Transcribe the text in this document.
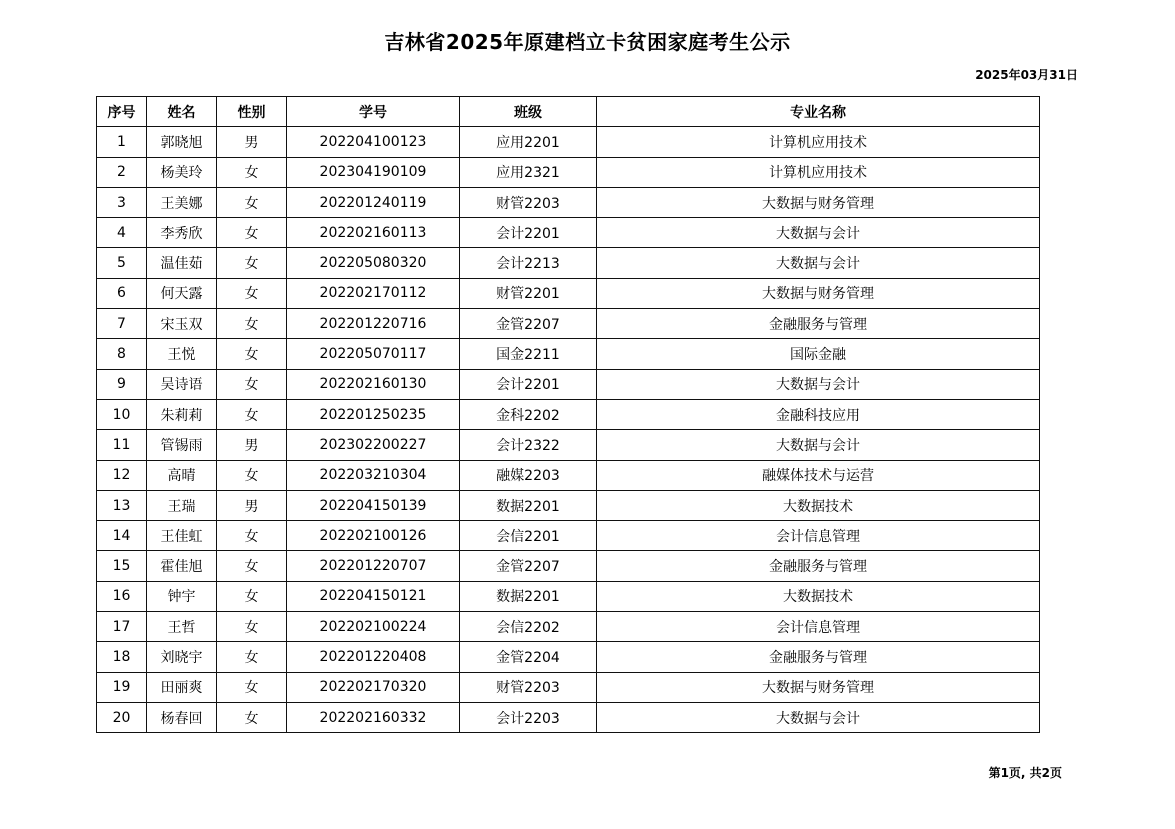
吉林省2025年原建档立卡贫困家庭考生公示
2025年03月31日
序号	姓名	性别	学号	班级	专业名称
1	郭晓旭	男	202204100123	应用2201	计算机应用技术
2	杨美玲	女	202304190109	应用2321	计算机应用技术
3	王美娜	女	202201240119	财管2203	大数据与财务管理
4	李秀欣	女	202202160113	会计2201	大数据与会计
5	温佳茹	女	202205080320	会计2213	大数据与会计
6	何天露	女	202202170112	财管2201	大数据与财务管理
7	宋玉双	女	202201220716	金管2207	金融服务与管理
8	王悦	女	202205070117	国金2211	国际金融
9	吴诗语	女	202202160130	会计2201	大数据与会计
10	朱莉莉	女	202201250235	金科2202	金融科技应用
11	管锡雨	男	202302200227	会计2322	大数据与会计
12	高晴	女	202203210304	融媒2203	融媒体技术与运营
13	王瑞	男	202204150139	数据2201	大数据技术
14	王佳虹	女	202202100126	会信2201	会计信息管理
15	霍佳旭	女	202201220707	金管2207	金融服务与管理
16	钟宇	女	202204150121	数据2201	大数据技术
17	王哲	女	202202100224	会信2202	会计信息管理
18	刘晓宇	女	202201220408	金管2204	金融服务与管理
19	田丽爽	女	202202170320	财管2203	大数据与财务管理
20	杨春回	女	202202160332	会计2203	大数据与会计
第1页, 共2页
